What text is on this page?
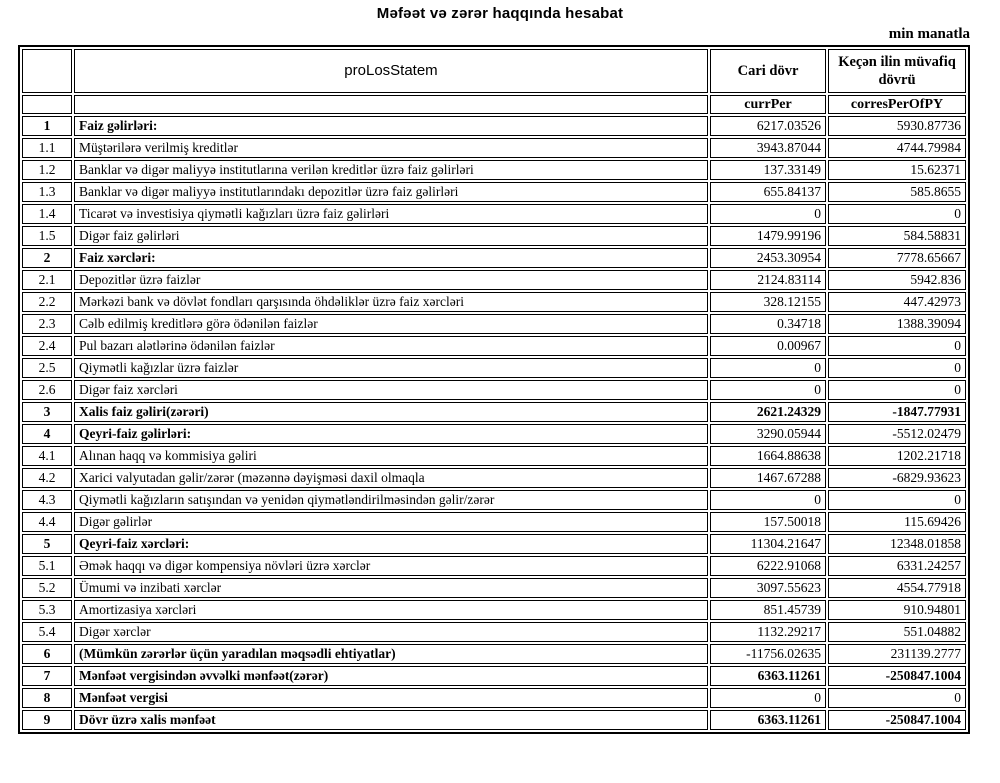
Məfəət və zərər haqqında hesabat
min manatla
	proLosStatem	Cari dövr	Keçən ilin müvafiq dövrü
		currPer	corresPerOfPY
1	Faiz gəlirləri:	6217.03526	5930.87736
1.1	Müştərilərə verilmiş kreditlər	3943.87044	4744.79984
1.2	Banklar və digər maliyyə institutlarına verilən kreditlər üzrə faiz gəlirləri	137.33149	15.62371
1.3	Banklar və digər maliyyə institutlarındakı depozitlər üzrə faiz gəlirləri	655.84137	585.8655
1.4	Ticarət və investisiya qiymətli kağızları üzrə faiz gəlirləri	0	0
1.5	Digər faiz gəlirləri	1479.99196	584.58831
2	Faiz xərcləri:	2453.30954	7778.65667
2.1	Depozitlər üzrə faizlər	2124.83114	5942.836
2.2	Mərkəzi bank və dövlət fondları qarşısında öhdəliklər üzrə faiz xərcləri	328.12155	447.42973
2.3	Cəlb edilmiş kreditlərə görə ödənilən faizlər	0.34718	1388.39094
2.4	Pul bazarı alətlərinə ödənilən faizlər	0.00967	0
2.5	Qiymətli kağızlar üzrə faizlər	0	0
2.6	Digər faiz xərcləri	0	0
3	Xalis faiz gəliri(zərəri)	2621.24329	-1847.77931
4	Qeyri-faiz gəlirləri:	3290.05944	-5512.02479
4.1	Alınan haqq və kommisiya gəliri	1664.88638	1202.21718
4.2	Xarici valyutadan gəlir/zərər (məzənnə dəyişməsi daxil olmaqla	1467.67288	-6829.93623
4.3	Qiymətli kağızların satışından və yenidən qiymətləndirilməsindən gəlir/zərər	0	0
4.4	Digər gəlirlər	157.50018	115.69426
5	Qeyri-faiz xərcləri:	11304.21647	12348.01858
5.1	Əmək haqqı və digər kompensiya növləri üzrə xərclər	6222.91068	6331.24257
5.2	Ümumi və inzibati xərclər	3097.55623	4554.77918
5.3	Amortizasiya xərcləri	851.45739	910.94801
5.4	Digər xərclər	1132.29217	551.04882
6	(Mümkün zərərlər üçün yaradılan məqsədli ehtiyatlar)	-11756.02635	231139.2777
7	Mənfəət vergisindən əvvəlki mənfəət(zərər)	6363.11261	-250847.1004
8	Mənfəət vergisi	0	0
9	Dövr üzrə xalis mənfəət	6363.11261	-250847.1004
